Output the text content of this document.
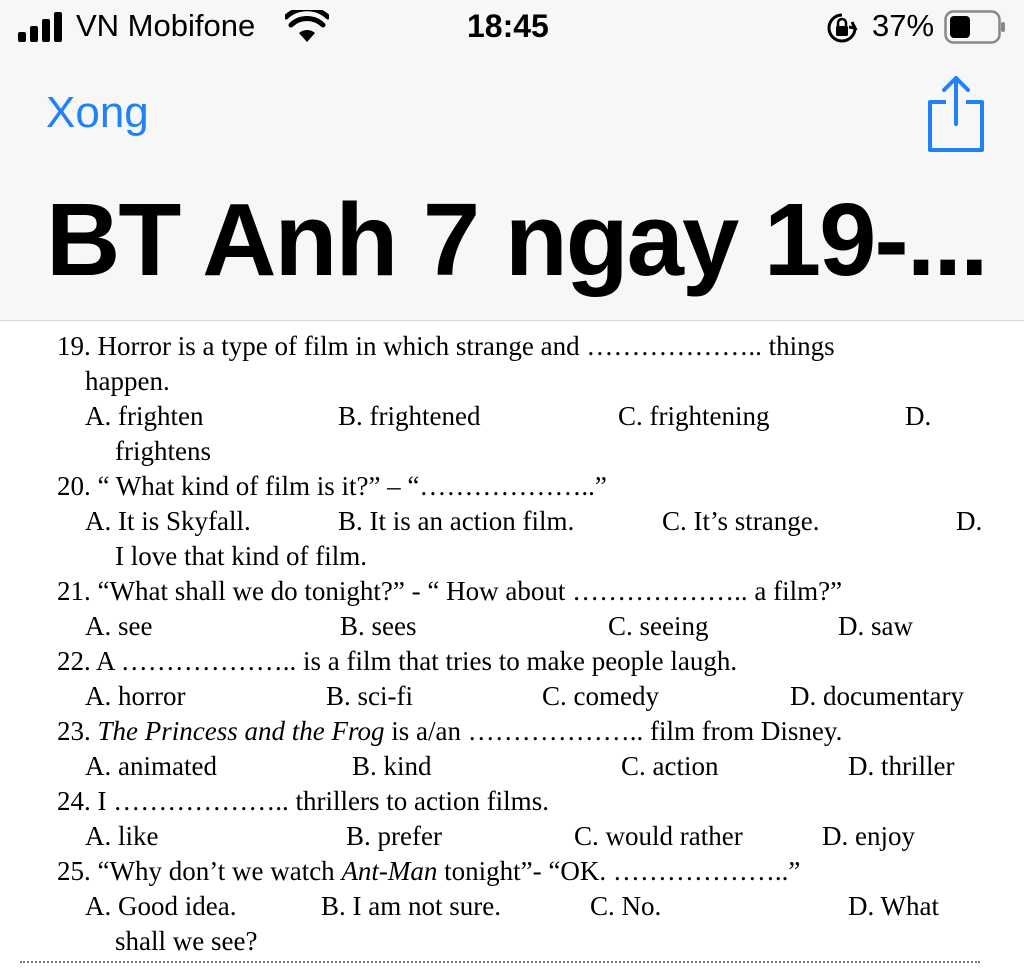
VN Mobifone	18:45	37%
Xong
BT Anh 7 ngay 19-...
19. Horror is a type of film in which strange and ……………….. things
happen.
A. frighten	B. frightened	C. frightening	D.
frightens
20. “ What kind of film is it?” – “………………..”
A. It is Skyfall.	B. It is an action film.	C. It’s strange.	D.
I love that kind of film.
21. “What shall we do tonight?” - “ How about ……………….. a film?”
A. see	B. sees	C. seeing	D. saw
22. A ……………….. is a film that tries to make people laugh.
A. horror	B. sci-fi	C. comedy	D. documentary
23. The Princess and the Frog is a/an ……………….. film from Disney.
A. animated	B. kind	C. action	D. thriller
24. I ……………….. thrillers to action films.
A. like	B. prefer	C. would rather	D. enjoy
25. “Why don’t we watch Ant-Man tonight”- “OK. ………………..”
A. Good idea.	B. I am not sure.	C. No.	D. What
shall we see?
